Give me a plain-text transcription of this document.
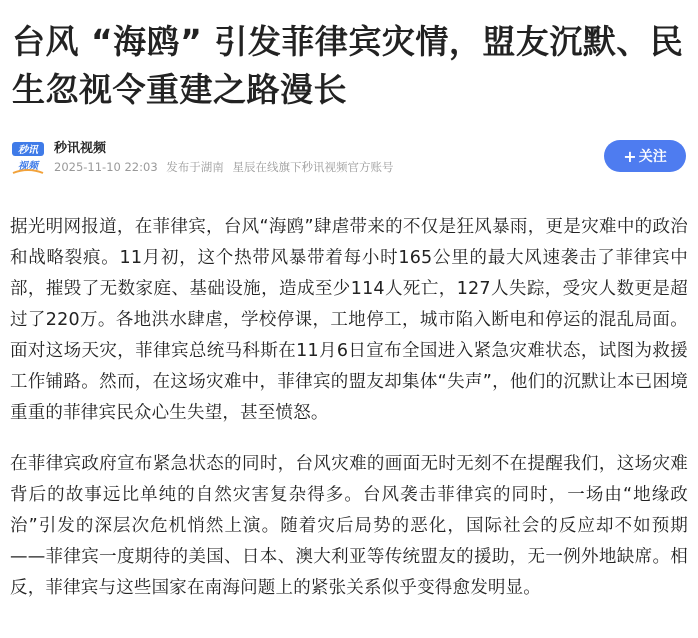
台风 “海鸥” 引发菲律宾灾情，盟友沉默、民生忽视令重建之路漫长
秒讯
视频
秒讯视频
2025-11-10 22:03 发布于湖南 星辰在线旗下秒讯视频官方账号
+ 关注

据光明网报道，在菲律宾，台风“海鸥”肆虐带来的不仅是狂风暴雨，更是灾难中的政治和战略裂痕。11月初，这个热带风暴带着每小时165公里的最大风速袭击了菲律宾中部，摧毁了无数家庭、基础设施，造成至少114人死亡，127人失踪，受灾人数更是超过了220万。各地洪水肆虐，学校停课，工地停工，城市陷入断电和停运的混乱局面。面对这场天灾，菲律宾总统马科斯在11月6日宣布全国进入紧急灾难状态，试图为救援工作铺路。然而，在这场灾难中，菲律宾的盟友却集体“失声”，他们的沉默让本已困境重重的菲律宾民众心生失望，甚至愤怒。

在菲律宾政府宣布紧急状态的同时，台风灾难的画面无时无刻不在提醒我们，这场灾难背后的故事远比单纯的自然灾害复杂得多。台风袭击菲律宾的同时，一场由“地缘政治”引发的深层次危机悄然上演。随着灾后局势的恶化，国际社会的反应却不如预期——菲律宾一度期待的美国、日本、澳大利亚等传统盟友的援助，无一例外地缺席。相反，菲律宾与这些国家在南海问题上的紧张关系似乎变得愈发明显。
